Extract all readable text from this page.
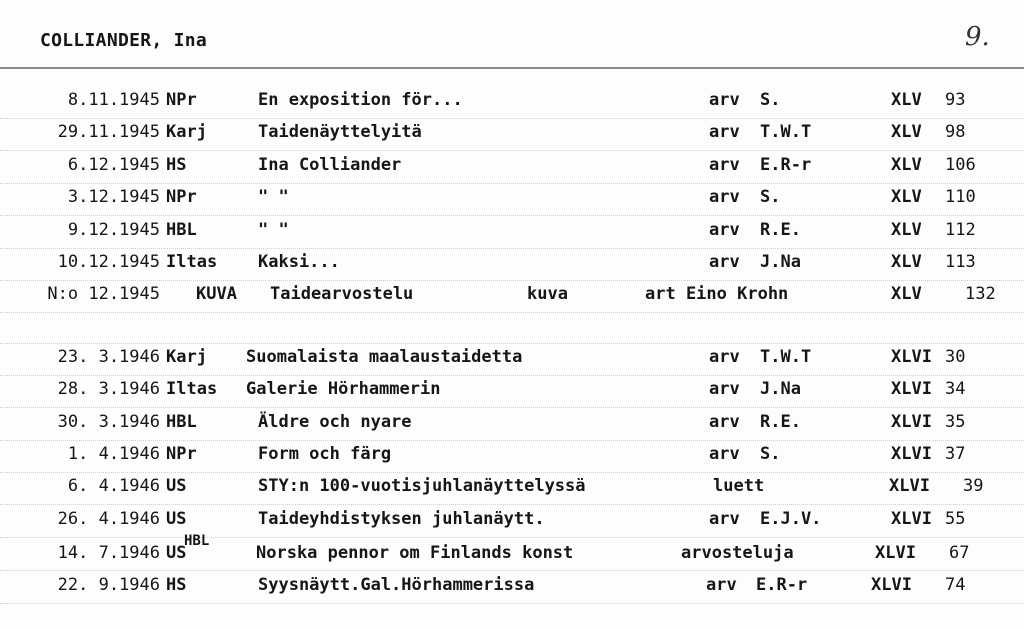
COLLIANDER, Ina	9.
8.11.1945 NPr	En exposition för...	arv S.	XLV 93
29.11.1945 Karj	Taidenäyttelyitä	arv T.W.T	XLV 98
6.12.1945 HS	Ina Colliander	arv E.R-r	XLV 106
3.12.1945 NPr	" "	arv S.	XLV 110
9.12.1945 HBL	" "	arv R.E.	XLV 112
10.12.1945 Iltas Kaksi...	arv J.Na	XLV 113
N:o 12.1945 KUVA Taidearvostelu	kuva	art Eino Krohn	XLV	132
23. 3.1946 Karj Suomalaista maalaustaidetta	arv T.W.T	XLVI 30
28. 3.1946 Iltas Galerie Hörhammerin	arv J.Na	XLVI 34
30. 3.1946 HBL	Äldre och nyare	arv R.E.	XLVI 35
1. 4.1946 NPr	Form och färg	arv S.	XLVI 37
6. 4.1946 US	STY:n 100-vuotisjuhlanäyttelyssä	luett	XLVI 39
26. 4.1946 US	Taideyhdistyksen juhlanäytt.	arv E.J.V.	XLVI 55
14. 7.1946 US	Norska pennor om Finlands konst	arvosteluja	XLVI 67
HBL
22. 9.1946 HS	Syysnäytt.Gal.Hörhammerissa	arv E.R-r	XLVI 74
